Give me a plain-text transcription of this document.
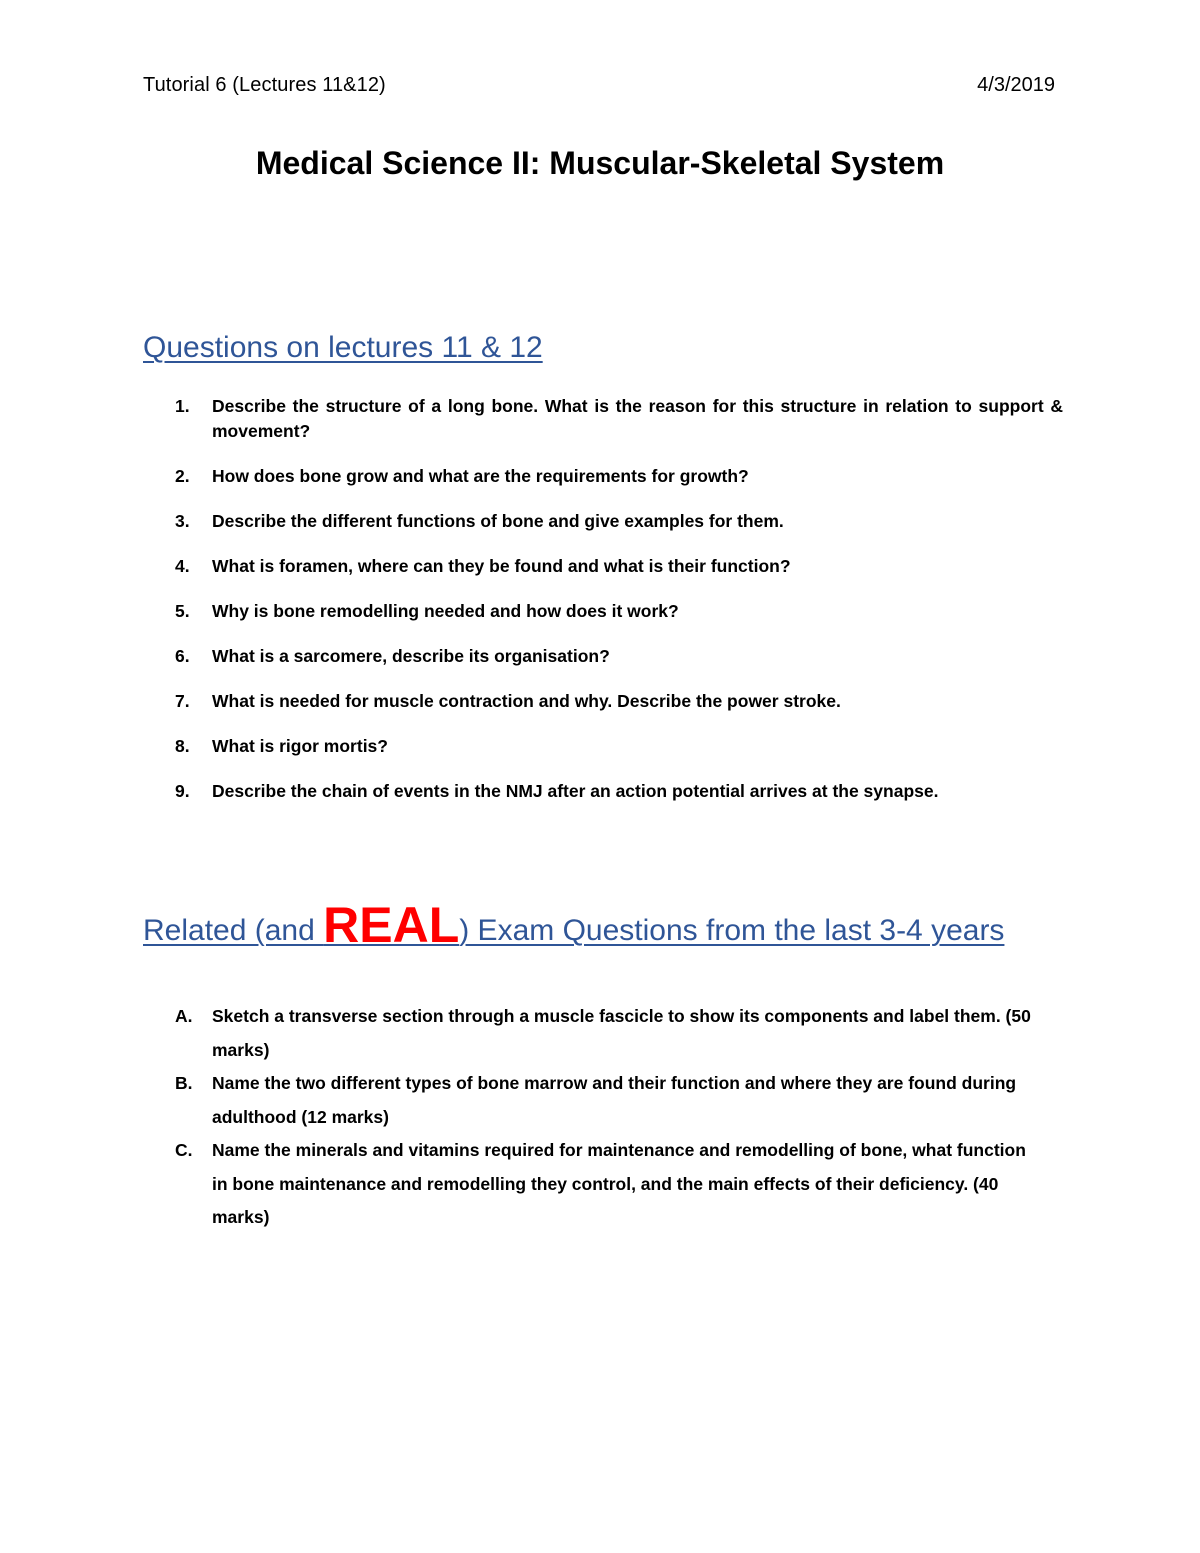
Tutorial 6 (Lectures 11&12)	4/3/2019
Medical Science II: Muscular-Skeletal System
Questions on lectures 11 & 12
1.	Describe the structure of a long bone. What is the reason for this structure in relation to support & movement?
2.	How does bone grow and what are the requirements for growth?
3.	Describe the different functions of bone and give examples for them.
4.	What is foramen, where can they be found and what is their function?
5.	Why is bone remodelling needed and how does it work?
6.	What is a sarcomere, describe its organisation?
7.	What is needed for muscle contraction and why. Describe the power stroke.
8.	What is rigor mortis?
9.	Describe the chain of events in the NMJ after an action potential arrives at the synapse.
Related (and REAL) Exam Questions from the last 3-4 years
A.	Sketch a transverse section through a muscle fascicle to show its components and label them. (50 marks)
B.	Name the two different types of bone marrow and their function and where they are found during adulthood (12 marks)
C.	Name the minerals and vitamins required for maintenance and remodelling of bone, what function in bone maintenance and remodelling they control, and the main effects of their deficiency. (40 marks)
